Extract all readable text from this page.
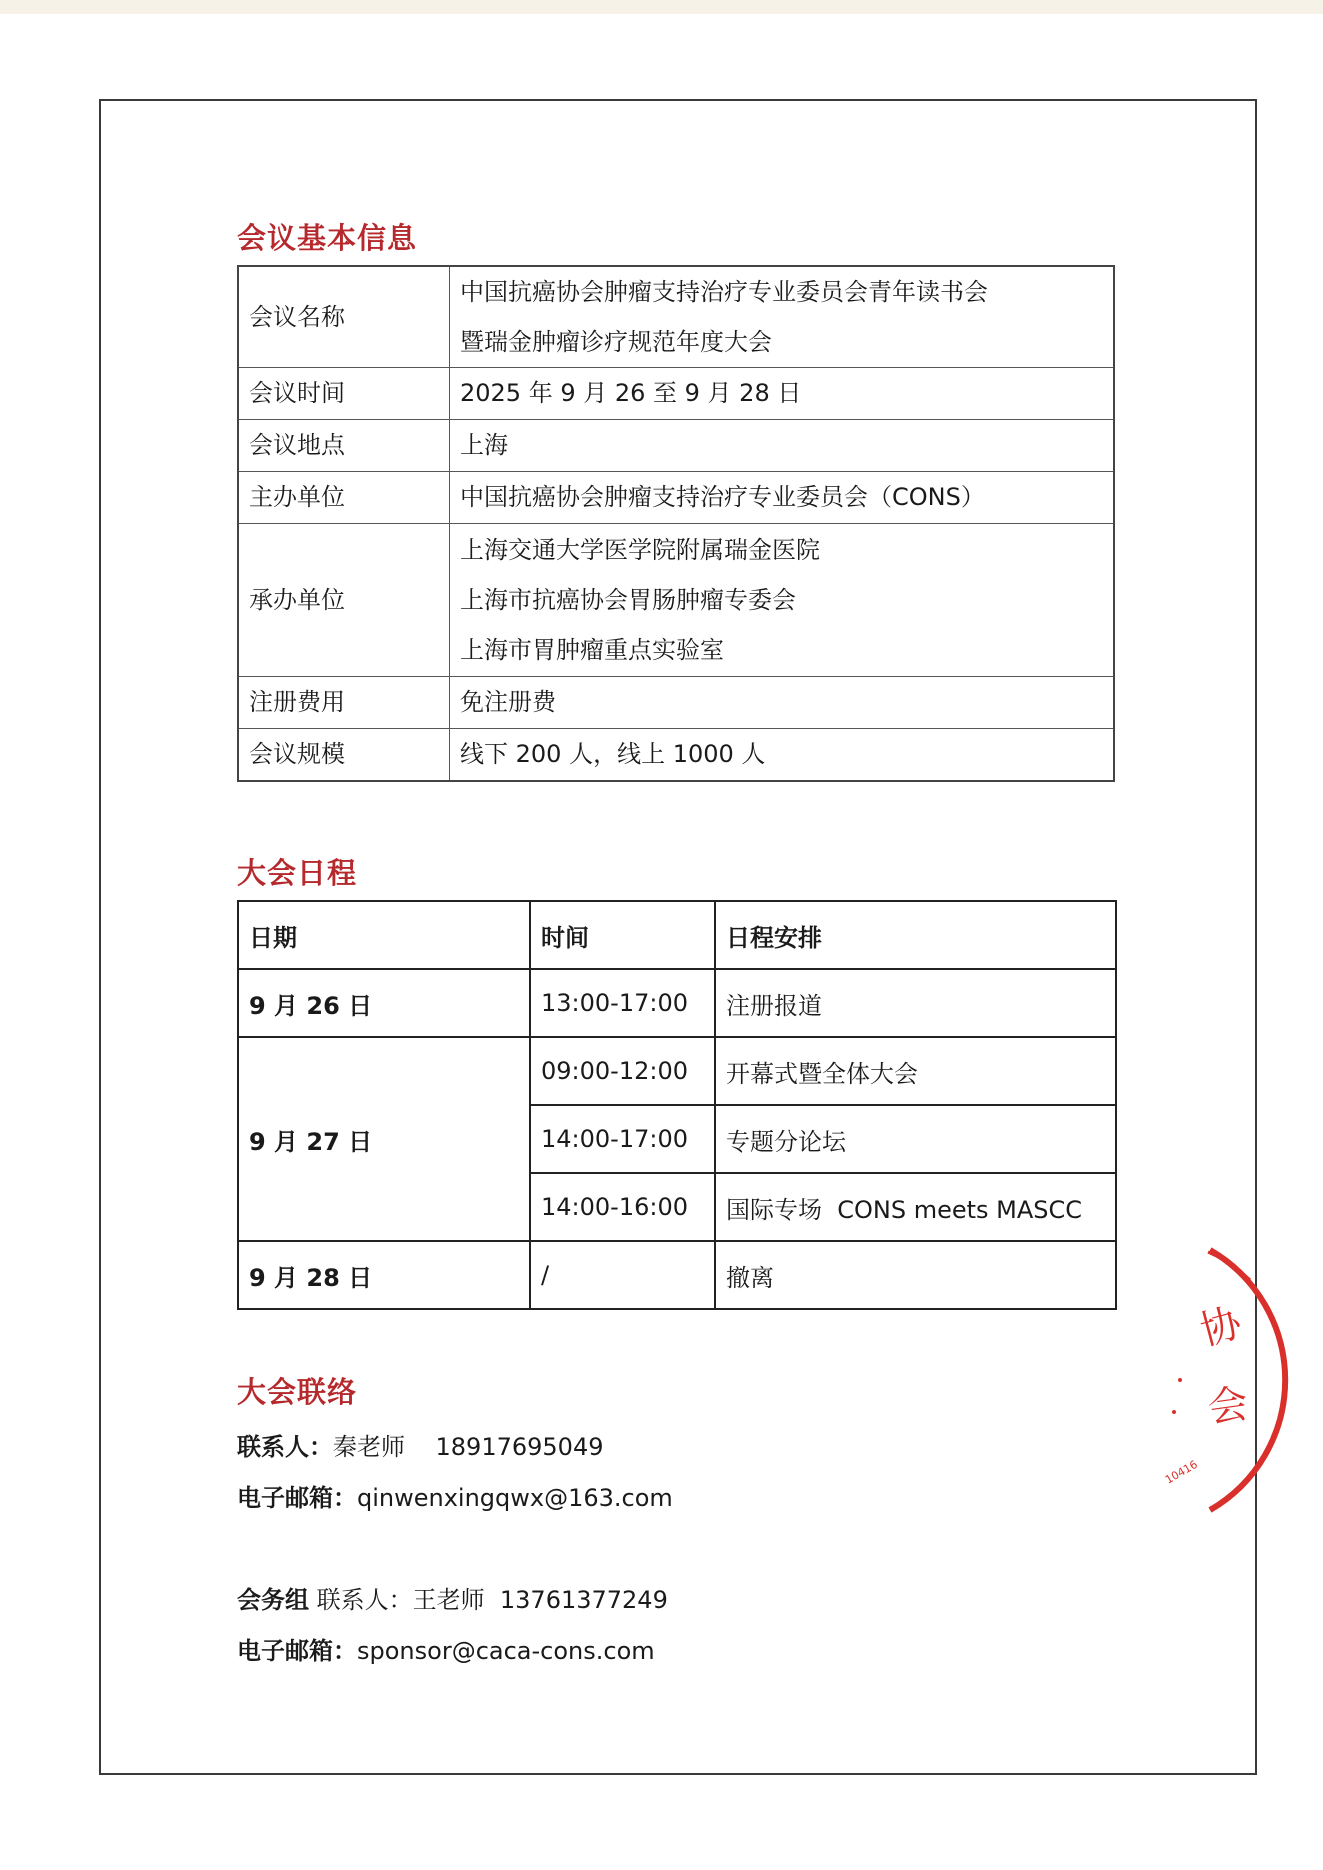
会议基本信息
会议名称	中国抗癌协会肿瘤支持治疗专业委员会青年读书会
暨瑞金肿瘤诊疗规范年度大会

会议时间	2025 年 9 月 26 至 9 月 28 日
会议地点	上海
主办单位	中国抗癌协会肿瘤支持治疗专业委员会（CONS）
承办单位	上海交通大学医学院附属瑞金医院
上海市抗癌协会胃肠肿瘤专委会
上海市胃肿瘤重点实验室

注册费用	免注册费
会议规模	线下 200 人，线上 1000 人
大会日程
日期	时间	日程安排
9 月 26 日	13:00-17:00	注册报道
9 月 27 日	09:00-12:00	开幕式暨全体大会
	14:00-17:00	专题分论坛
	14:00-16:00	国际专场  CONS meets MASCC
9 月 28 日	/	撤离
大会联络
联系人：秦老师    18917695049
电子邮箱：qinwenxingqwx@163.com
会务组 联系人：王老师  13761377249
电子邮箱：sponsor@caca-cons.com
协
会
10416
